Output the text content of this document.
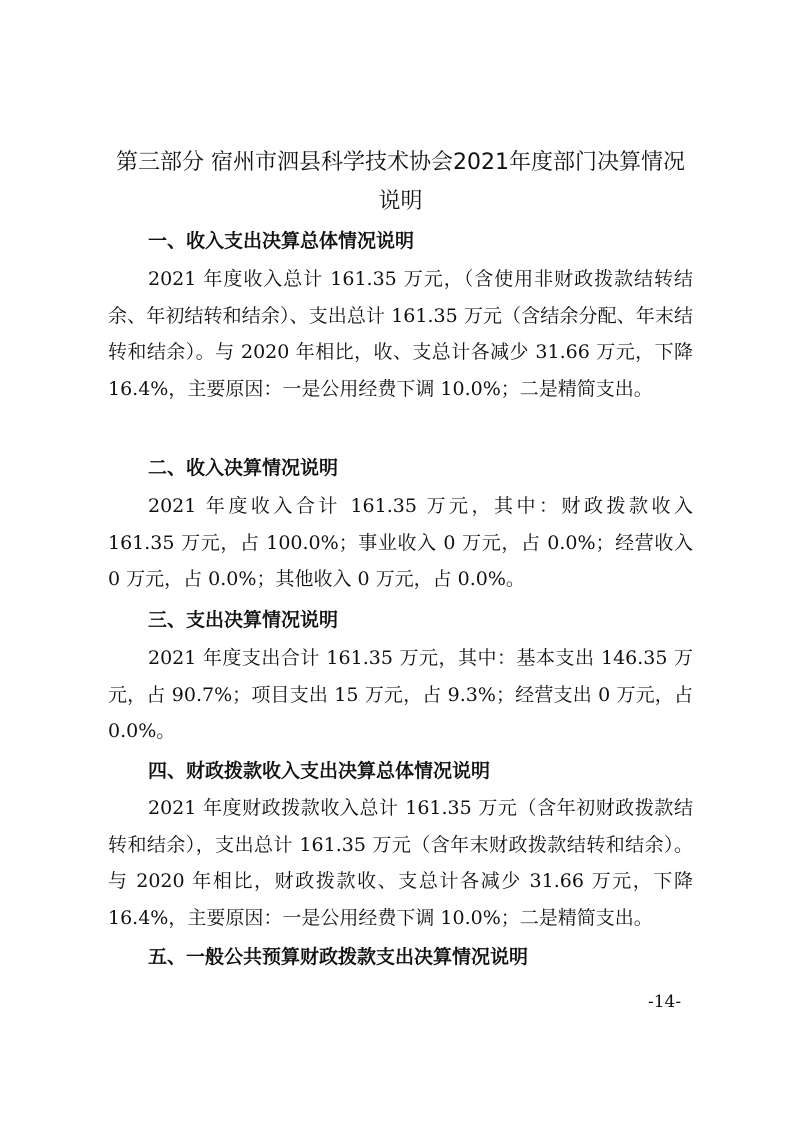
第三部分 宿州市泗县科学技术协会2021年度部门决算情况
说明
一、收入支出决算总体情况说明

2021 年度收入总计 161.35 万元，（含使用非财政拨款结转结余、年初结转和结余）、支出总计 161.35 万元（含结余分配、年末结转和结余）。与 2020 年相比，收、支总计各减少 31.66 万元，下降 16.4%，主要原因：一是公用经费下调 10.0%；二是精简支出。

二、收入决算情况说明

2021 年度收入合计 161.35 万元，其中：财政拨款收入 161.35 万元，占 100.0%；事业收入 0 万元，占 0.0%；经营收入 0 万元，占 0.0%；其他收入 0 万元，占 0.0%。

三、支出决算情况说明

2021 年度支出合计 161.35 万元，其中：基本支出 146.35 万元，占 90.7%；项目支出 15 万元，占 9.3%；经营支出 0 万元，占 0.0%。

四、财政拨款收入支出决算总体情况说明

2021 年度财政拨款收入总计 161.35 万元（含年初财政拨款结转和结余），支出总计 161.35 万元（含年末财政拨款结转和结余）。与 2020 年相比，财政拨款收、支总计各减少 31.66 万元，下降 16.4%，主要原因：一是公用经费下调 10.0%；二是精简支出。

五、一般公共预算财政拨款支出决算情况说明
-14-
